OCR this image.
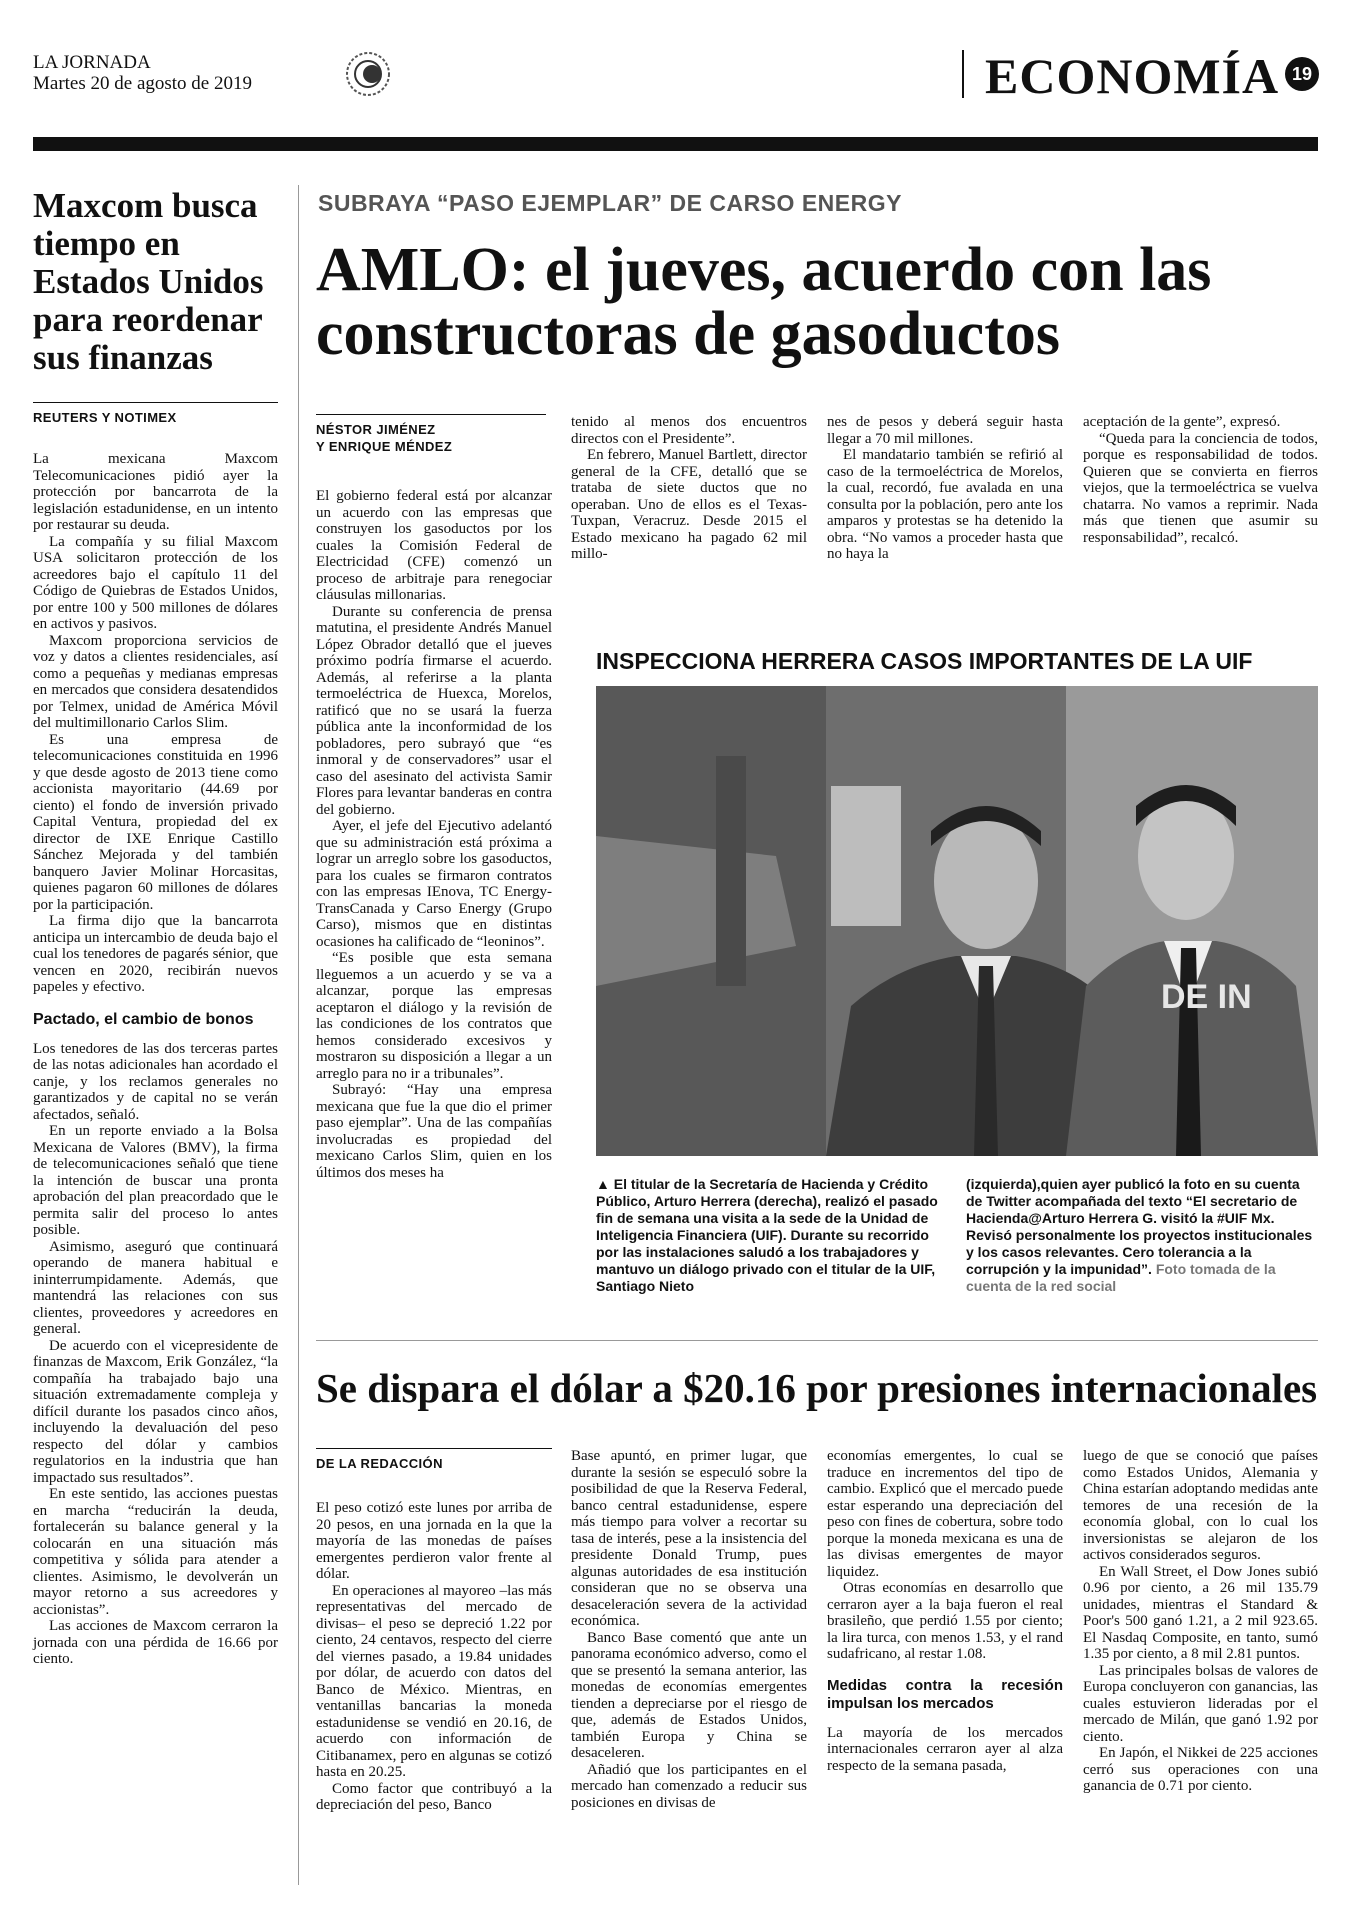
LA JORNADA
Martes 20 de agosto de 2019	ECONOMÍA 19
Maxcom busca tiempo en Estados Unidos para reordenar sus finanzas
REUTERS Y NOTIMEX

La mexicana Maxcom Telecomunicaciones pidió ayer la protección por bancarrota de la legislación estadunidense, en un intento por restaurar su deuda.

La compañía y su filial Maxcom USA solicitaron protección de los acreedores bajo el capítulo 11 del Código de Quiebras de Estados Unidos, por entre 100 y 500 millones de dólares en activos y pasivos.

Maxcom proporciona servicios de voz y datos a clientes residenciales, así como a pequeñas y medianas empresas en mercados que considera desatendidos por Telmex, unidad de América Móvil del multimillonario Carlos Slim.

Es una empresa de telecomunicaciones constituida en 1996 y que desde agosto de 2013 tiene como accionista mayoritario (44.69 por ciento) el fondo de inversión privado Capital Ventura, propiedad del ex director de IXE Enrique Castillo Sánchez Mejorada y del también banquero Javier Molinar Horcasitas, quienes pagaron 60 millones de dólares por la participación.

La firma dijo que la bancarrota anticipa un intercambio de deuda bajo el cual los tenedores de pagarés sénior, que vencen en 2020, recibirán nuevos papeles y efectivo.

Pactado, el cambio de bonos

Los tenedores de las dos terceras partes de las notas adicionales han acordado el canje, y los reclamos generales no garantizados y de capital no se verán afectados, señaló.

En un reporte enviado a la Bolsa Mexicana de Valores (BMV), la firma de telecomunicaciones señaló que tiene la intención de buscar una pronta aprobación del plan preacordado que le permita salir del proceso lo antes posible.

Asimismo, aseguró que continuará operando de manera habitual e ininterrumpidamente. Además, que mantendrá las relaciones con sus clientes, proveedores y acreedores en general.

De acuerdo con el vicepresidente de finanzas de Maxcom, Erik González, “la compañía ha trabajado bajo una situación extremadamente compleja y difícil durante los pasados cinco años, incluyendo la devaluación del peso respecto del dólar y cambios regulatorios en la industria que han impactado sus resultados”.

En este sentido, las acciones puestas en marcha “reducirán la deuda, fortalecerán su balance general y la colocarán en una situación más competitiva y sólida para atender a clientes. Asimismo, le devolverán un mayor retorno a sus acreedores y accionistas”.

Las acciones de Maxcom cerraron la jornada con una pérdida de 16.66 por ciento.

SUBRAYA “PASO EJEMPLAR” DE CARSO ENERGY
AMLO: el jueves, acuerdo con las constructoras de gasoductos
NÉSTOR JIMÉNEZ
Y ENRIQUE MÉNDEZ

El gobierno federal está por alcanzar un acuerdo con las empresas que construyen los gasoductos por los cuales la Comisión Federal de Electricidad (CFE) comenzó un proceso de arbitraje para renegociar cláusulas millonarias.

Durante su conferencia de prensa matutina, el presidente Andrés Manuel López Obrador detalló que el jueves próximo podría firmarse el acuerdo. Además, al referirse a la planta termoeléctrica de Huexca, Morelos, ratificó que no se usará la fuerza pública ante la inconformidad de los pobladores, pero subrayó que “es inmoral y de conservadores” usar el caso del asesinato del activista Samir Flores para levantar banderas en contra del gobierno.

Ayer, el jefe del Ejecutivo adelantó que su administración está próxima a lograr un arreglo sobre los gasoductos, para los cuales se firmaron contratos con las empresas IEnova, TC Energy-TransCanada y Carso Energy (Grupo Carso), mismos que en distintas ocasiones ha calificado de “leoninos”.

“Es posible que esta semana lleguemos a un acuerdo y se va a alcanzar, porque las empresas aceptaron el diálogo y la revisión de las condiciones de los contratos que hemos considerado excesivos y mostraron su disposición a llegar a un arreglo para no ir a tribunales”.

Subrayó: “Hay una empresa mexicana que fue la que dio el primer paso ejemplar”. Una de las compañías involucradas es propiedad del mexicano Carlos Slim, quien en los últimos dos meses ha

tenido al menos dos encuentros directos con el Presidente”.

En febrero, Manuel Bartlett, director general de la CFE, detalló que se trataba de siete ductos que no operaban. Uno de ellos es el Texas-Tuxpan, Veracruz. Desde 2015 el Estado mexicano ha pagado 62 mil millo-

nes de pesos y deberá seguir hasta llegar a 70 mil millones.

El mandatario también se refirió al caso de la termoeléctrica de Morelos, la cual, recordó, fue avalada en una consulta por la población, pero ante los amparos y protestas se ha detenido la obra. “No vamos a proceder hasta que no haya la

aceptación de la gente”, expresó.

“Queda para la conciencia de todos, porque es responsabilidad de todos. Quieren que se convierta en fierros viejos, que la termoeléctrica se vuelva chatarra. No vamos a reprimir. Nada más que tienen que asumir su responsabilidad”, recalcó.

INSPECCIONA HERRERA CASOS IMPORTANTES DE LA UIF
DE IN
▲ El titular de la Secretaría de Hacienda y Crédito Público, Arturo Herrera (derecha), realizó el pasado fin de semana una visita a la sede de la Unidad de Inteligencia Financiera (UIF). Durante su recorrido por las instalaciones saludó a los trabajadores y mantuvo un diálogo privado con el titular de la UIF, Santiago Nieto
(izquierda),quien ayer publicó la foto en su cuenta de Twitter acompañada del texto “El secretario de Hacienda@Arturo Herrera G. visitó la #UIF Mx. Revisó personalmente los proyectos institucionales y los casos relevantes. Cero tolerancia a la corrupción y la impunidad”. Foto tomada de la cuenta de la red social
Se dispara el dólar a $20.16 por presiones internacionales
DE LA REDACCIÓN

El peso cotizó este lunes por arriba de 20 pesos, en una jornada en la que la mayoría de las monedas de países emergentes perdieron valor frente al dólar.

En operaciones al mayoreo –las más representativas del mercado de divisas– el peso se depreció 1.22 por ciento, 24 centavos, respecto del cierre del viernes pasado, a 19.84 unidades por dólar, de acuerdo con datos del Banco de México. Mientras, en ventanillas bancarias la moneda estadunidense se vendió en 20.16, de acuerdo con información de Citibanamex, pero en algunas se cotizó hasta en 20.25.

Como factor que contribuyó a la depreciación del peso, Banco

Base apuntó, en primer lugar, que durante la sesión se especuló sobre la posibilidad de que la Reserva Federal, banco central estadunidense, espere más tiempo para volver a recortar su tasa de interés, pese a la insistencia del presidente Donald Trump, pues algunas autoridades de esa institución consideran que no se observa una desaceleración severa de la actividad económica.

Banco Base comentó que ante un panorama económico adverso, como el que se presentó la semana anterior, las monedas de economías emergentes tienden a depreciarse por el riesgo de que, además de Estados Unidos, también Europa y China se desaceleren.

Añadió que los participantes en el mercado han comenzado a reducir sus posiciones en divisas de

economías emergentes, lo cual se traduce en incrementos del tipo de cambio. Explicó que el mercado puede estar esperando una depreciación del peso con fines de cobertura, sobre todo porque la moneda mexicana es una de las divisas emergentes de mayor liquidez.

Otras economías en desarrollo que cerraron ayer a la baja fueron el real brasileño, que perdió 1.55 por ciento; la lira turca, con menos 1.53, y el rand sudafricano, al restar 1.08.

Medidas contra la recesión impulsan los mercados

La mayoría de los mercados internacionales cerraron ayer al alza respecto de la semana pasada,

luego de que se conoció que países como Estados Unidos, Alemania y China estarían adoptando medidas ante temores de una recesión de la economía global, con lo cual los inversionistas se alejaron de los activos considerados seguros.

En Wall Street, el Dow Jones subió 0.96 por ciento, a 26 mil 135.79 unidades, mientras el Standard & Poor's 500 ganó 1.21, a 2 mil 923.65. El Nasdaq Composite, en tanto, sumó 1.35 por ciento, a 8 mil 2.81 puntos.

Las principales bolsas de valores de Europa concluyeron con ganancias, las cuales estuvieron lideradas por el mercado de Milán, que ganó 1.92 por ciento.

En Japón, el Nikkei de 225 acciones cerró sus operaciones con una ganancia de 0.71 por ciento.
